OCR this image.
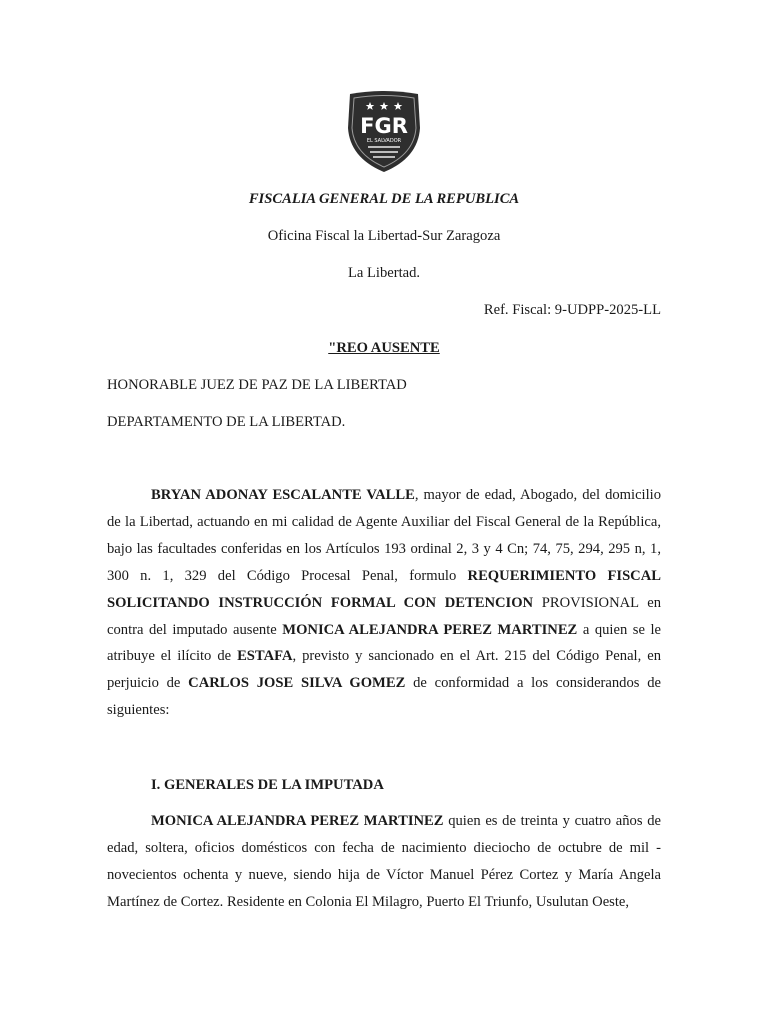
FGR
EL SALVADOR
FISCALIA GENERAL DE LA REPUBLICA
Oficina Fiscal la Libertad-Sur Zaragoza
La Libertad.
Ref. Fiscal: 9-UDPP-2025-LL
"REO AUSENTE
HONORABLE JUEZ DE PAZ DE LA LIBERTAD
DEPARTAMENTO DE LA LIBERTAD.
BRYAN ADONAY ESCALANTE VALLE, mayor de edad, Abogado, del domicilio de la Libertad, actuando en mi calidad de Agente Auxiliar del Fiscal General de la República, bajo las facultades conferidas en los Artículos 193 ordinal 2, 3 y 4 Cn; 74, 75, 294, 295 n, 1, 300 n. 1, 329 del Código Procesal Penal, formulo REQUERIMIENTO FISCAL SOLICITANDO INSTRUCCIÓN FORMAL CON DETENCION PROVISIONAL en contra del imputado ausente MONICA ALEJANDRA PEREZ MARTINEZ a quien se le atribuye el ilícito de ESTAFA, previsto y sancionado en el Art. 215 del Código Penal, en perjuicio de CARLOS JOSE SILVA GOMEZ de conformidad a los considerandos de siguientes:
I. GENERALES DE LA IMPUTADA
MONICA ALEJANDRA PEREZ MARTINEZ quien es de treinta y cuatro años de edad, soltera, oficios domésticos con fecha de nacimiento dieciocho de octubre de mil - novecientos ochenta y nueve, siendo hija de Víctor Manuel Pérez Cortez y María Angela Martínez de Cortez. Residente en Colonia El Milagro, Puerto El Triunfo, Usulutan Oeste,
